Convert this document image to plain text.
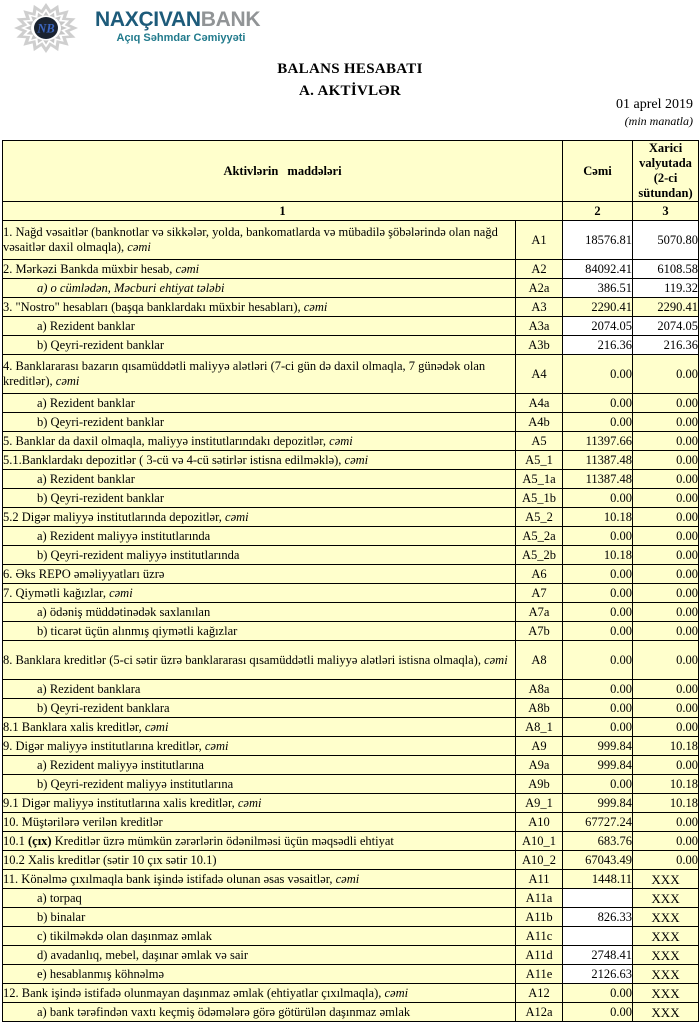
NB NAXÇIVANBANK
Açıq Səhmdar Cəmiyyəti
BALANS HESABATI
A. AKTİVLƏR
01 aprel 2019
(min manatla)
Aktivlərin maddələri		Cəmi	Xarici valyutada (2-ci sütundan)
1		2	3
1. Nağd vəsaitlər (banknotlar və sikkələr, yolda, bankomatlarda və mübadilə şöbələrində olan nağd vəsaitlər daxil olmaqla), cəmi	A1	18576.81	5070.80
2. Mərkəzi Bankda müxbir hesab, cəmi	A2	84092.41	6108.58
a) o cümlədən, Məcburi ehtiyat tələbi	A2a	386.51	119.32
3. "Nostro" hesabları (başqa banklardakı müxbir hesabları), cəmi	A3	2290.41	2290.41
a) Rezident banklar	A3a	2074.05	2074.05
b) Qeyri-rezident banklar	A3b	216.36	216.36
4. Banklararası bazarın qısamüddətli maliyyə alətləri (7-ci gün də daxil olmaqla, 7 günədək olan kreditlər), cəmi	A4	0.00	0.00
a) Rezident banklar	A4a	0.00	0.00
b) Qeyri-rezident banklar	A4b	0.00	0.00
5. Banklar da daxil olmaqla, maliyyə institutlarındakı depozitlər, cəmi	A5	11397.66	0.00
5.1.Banklardakı depozitlər ( 3-cü və 4-cü sətirlər istisna edilməklə), cəmi	A5_1	11387.48	0.00
a) Rezident banklar	A5_1a	11387.48	0.00
b) Qeyri-rezident banklar	A5_1b	0.00	0.00
5.2 Digər maliyyə institutlarında depozitlər, cəmi	A5_2	10.18	0.00
a) Rezident maliyyə institutlarında	A5_2a	0.00	0.00
b) Qeyri-rezident maliyyə institutlarında	A5_2b	10.18	0.00
6. Əks REPO əməliyyatları üzrə	A6	0.00	0.00
7. Qiymətli kağızlar, cəmi	A7	0.00	0.00
a) ödəniş müddətinədək saxlanılan	A7a	0.00	0.00
b) ticarət üçün alınmış qiymətli kağızlar	A7b	0.00	0.00
8. Banklara kreditlər (5-ci sətir üzrə banklararası qısamüddətli maliyyə alətləri istisna olmaqla), cəmi	A8	0.00	0.00
a) Rezident banklara	A8a	0.00	0.00
b) Qeyri-rezident banklara	A8b	0.00	0.00
8.1 Banklara xalis kreditlər, cəmi	A8_1	0.00	0.00
9. Digər maliyyə institutlarına kreditlər, cəmi	A9	999.84	10.18
a) Rezident maliyyə institutlarına	A9a	999.84	0.00
b) Qeyri-rezident maliyyə institutlarına	A9b	0.00	10.18
9.1 Digər maliyyə institutlarına xalis kreditlər, cəmi	A9_1	999.84	10.18
10. Müştərilərə verilən kreditlər	A10	67727.24	0.00
10.1 (çıx) Kreditlər üzrə mümkün zərərlərin ödənilməsi üçün məqsədli ehtiyat	A10_1	683.76	0.00
10.2 Xalis kreditlər (sətir 10 çıx sətir 10.1)	A10_2	67043.49	0.00
11. Könəlmə çıxılmaqla bank işində istifadə olunan əsas vəsaitlər, cəmi	A11	1448.11	XXX
a) torpaq	A11a		XXX
b) binalar	A11b	826.33	XXX
c) tikilməkdə olan daşınmaz əmlak	A11c		XXX
d) avadanlıq, mebel, daşınar əmlak və sair	A11d	2748.41	XXX
e) hesablanmış köhnəlmə	A11e	2126.63	XXX
12. Bank işində istifadə olunmayan daşınmaz əmlak (ehtiyatlar çıxılmaqla), cəmi	A12	0.00	XXX
a) bank tərəfindən vaxtı keçmiş ödəmələrə görə götürülən daşınmaz əmlak	A12a	0.00	XXX
